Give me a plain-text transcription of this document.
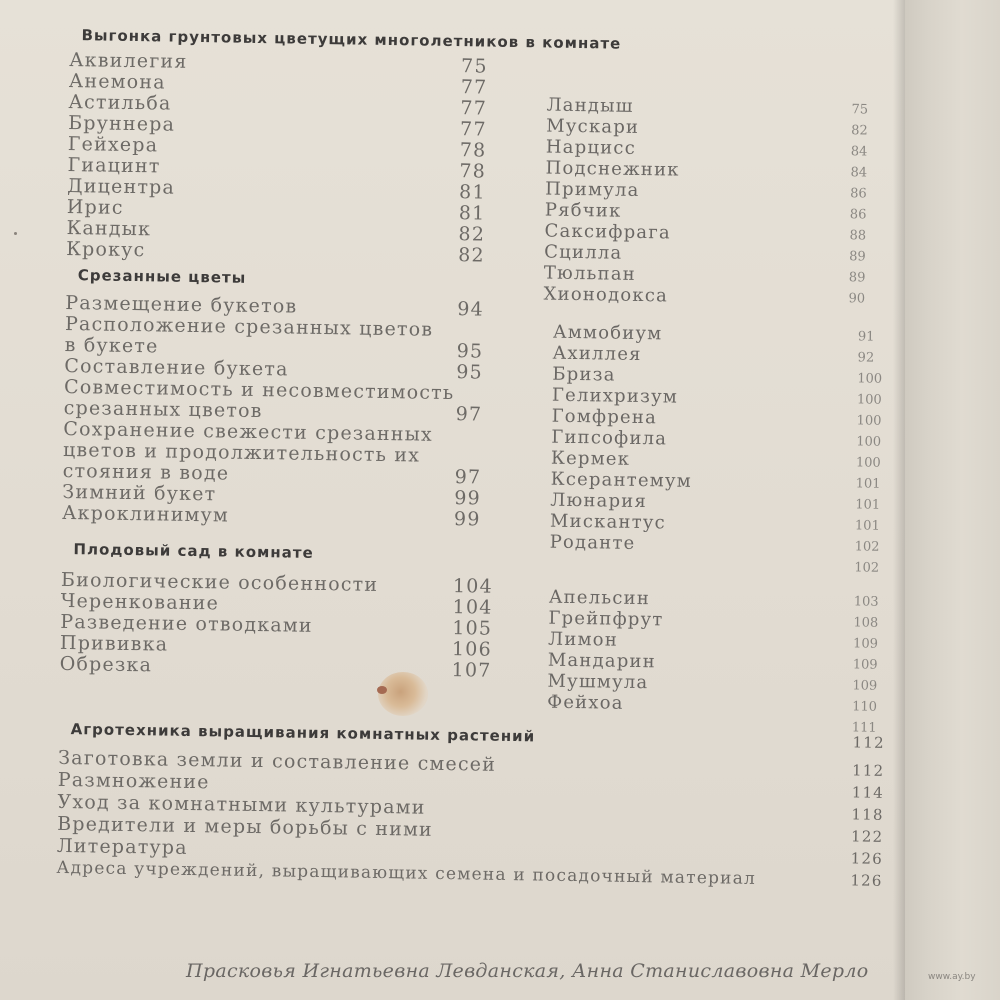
Выгонка грунтовых цветущих многолетников в комнате
Аквилегия	75
Анемона	77
Астильба	77
Бруннера	77
Гейхера	78
Гиацинт	78
Дицентра	81
Ирис	81
Кандык	82
Крокус	82
Ландыш	75
Мускари	82
Нарцисс	84
Подснежник	84
Примула	86
Рябчик	86
Саксифрага	88
Сцилла	89
Тюльпан	89
Хионодокса	90
Срезанные цветы
Размещение букетов	94
Расположение срезанных цветов
в букете	95
Составление букета	95
Совместимость и несовместимость
срезанных цветов	97
Сохранение свежести срезанных
цветов и продолжительность их
стояния в воде	97
Зимний букет	99
Акроклинимум	99
Аммобиум	91
Ахиллея	92
Бриза	100
Гелихризум	100
Гомфрена	100
Гипсофила	100
Кермек	100
Ксерантемум	101
Люнария	101
Мискантус	101
Роданте	102
102
Плодовый сад в комнате
Биологические особенности	104
Черенкование	104
Разведение отводками	105
Прививка	106
Обрезка	107
Апельсин	103
Грейпфрут	108
Лимон	109
Мандарин	109
Мушмула	109
Фейхоа	110
111
Агротехника выращивания комнатных растений	112
Заготовка земли и составление смесей	112
Размножение	114
Уход за комнатными культурами	118
Вредители и меры борьбы с ними	122
Литература	126
Адреса учреждений, выращивающих семена и посадочный материал	126
Прасковья Игнатьевна Левданская, Анна Станиславовна Мерло	www.ay.by
